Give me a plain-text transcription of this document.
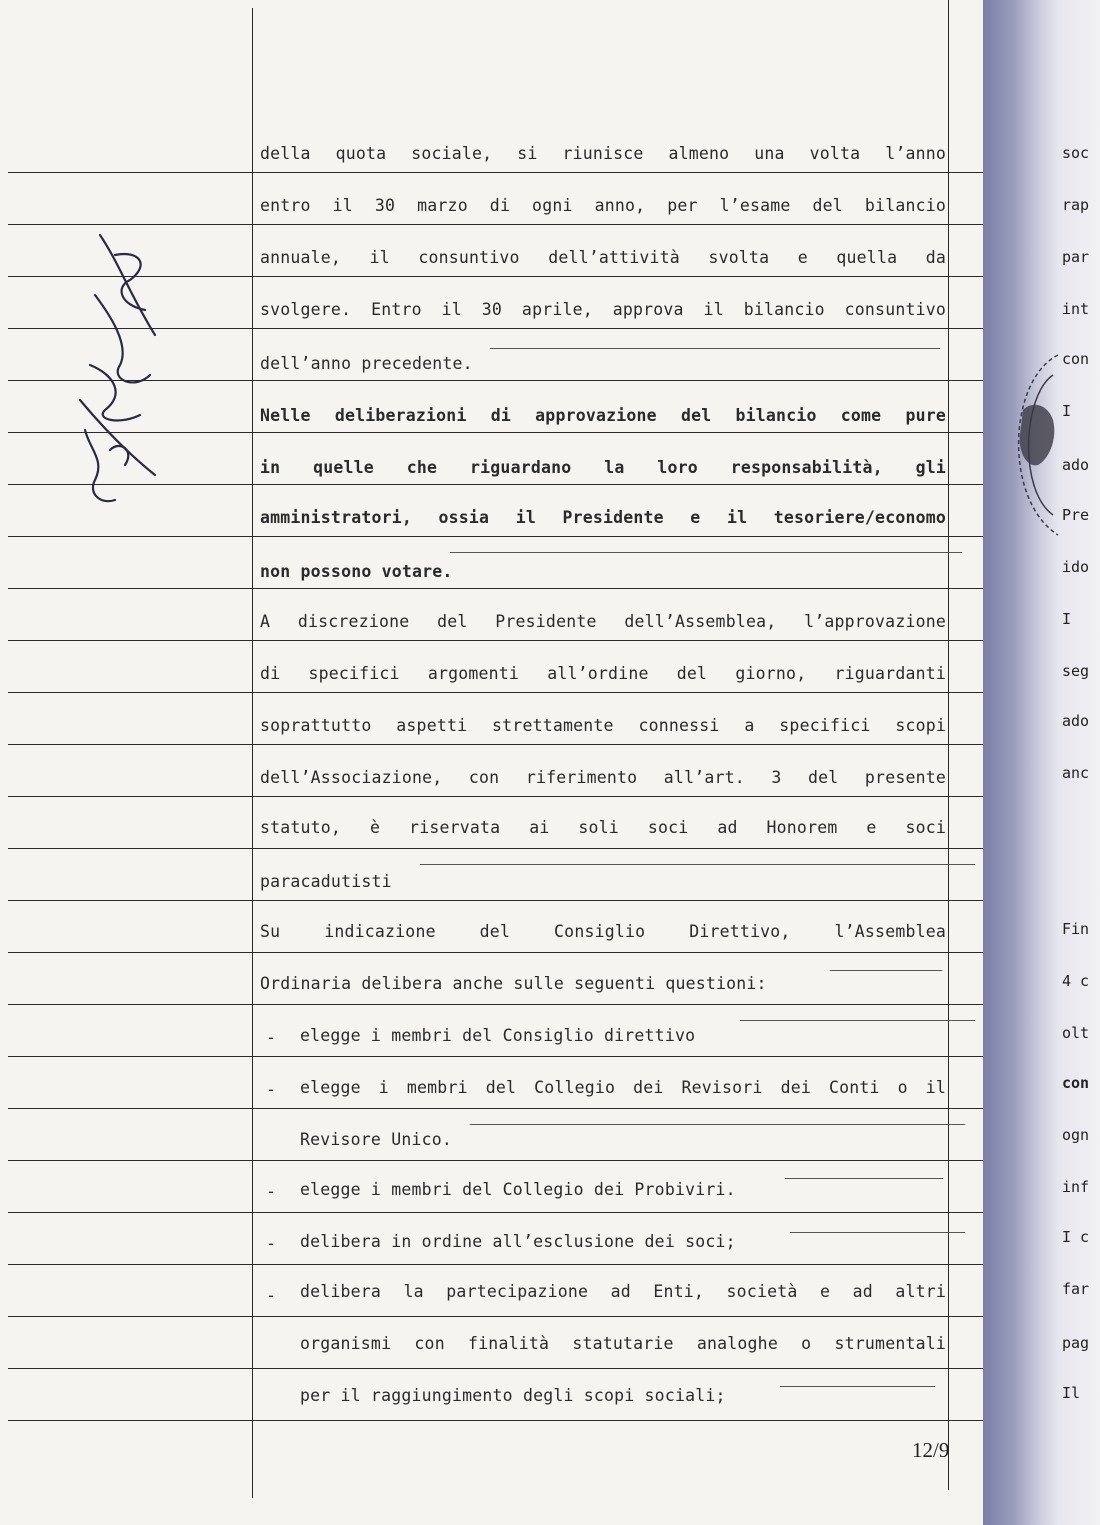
della quota sociale, si riunisce almeno una volta l’anno
entro il 30 marzo di ogni anno, per l’esame del bilancio
annuale, il consuntivo dell’attività svolta e quella da
svolgere. Entro il 30 aprile, approva il bilancio consuntivo
dell’anno precedente.
Nelle deliberazioni di approvazione del bilancio come pure
in quelle che riguardano la loro responsabilità, gli
amministratori, ossia il Presidente e il tesoriere/economo
non possono votare.
A discrezione del Presidente dell’Assemblea, l’approvazione
di specifici argomenti all’ordine del giorno, riguardanti
soprattutto aspetti strettamente connessi a specifici scopi
dell’Associazione, con riferimento all’art. 3 del presente
statuto, è riservata ai soli soci ad Honorem e soci
paracadutisti
Su indicazione del Consiglio Direttivo, l’Assemblea
Ordinaria delibera anche sulle seguenti questioni:
- elegge i membri del Consiglio direttivo
- elegge i membri del Collegio dei Revisori dei Conti o il
Revisore Unico.
- elegge i membri del Collegio dei Probiviri.
- delibera in ordine all’esclusione dei soci;
- delibera la partecipazione ad Enti, società e ad altri
organismi con finalità statutarie analoghe o strumentali
per il raggiungimento degli scopi sociali;
12/9
soc
rap
par
int
con
I
ado
Pre
ido
I
seg
ado
anc
Fin
4 c
olt
con
ogn
inf
I c
far
pag
Il
